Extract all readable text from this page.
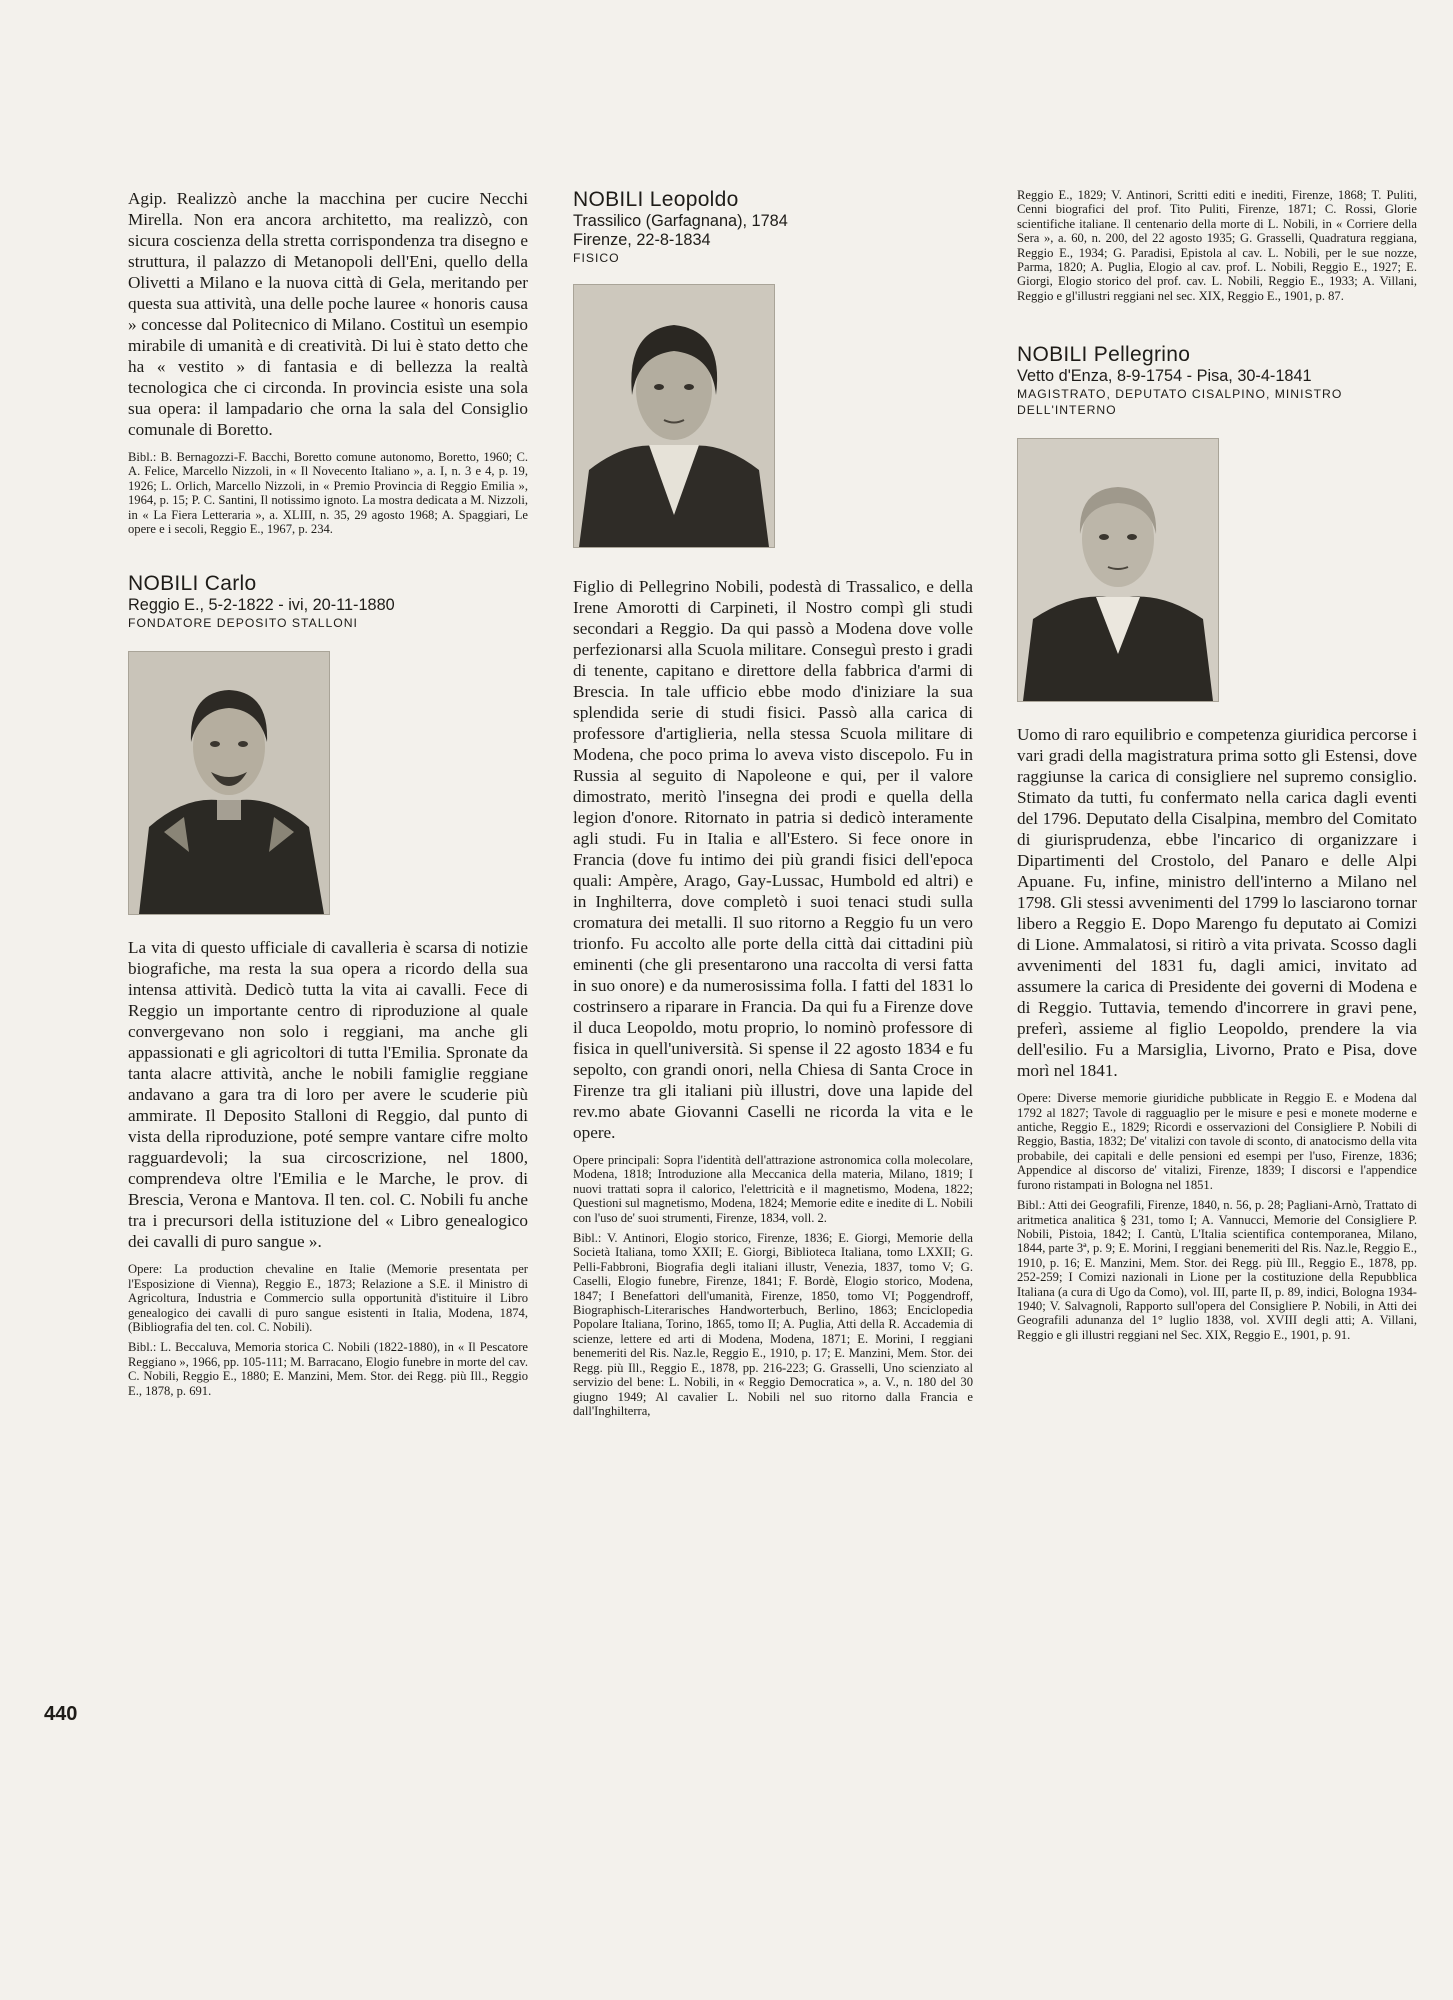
Agip. Realizzò anche la macchina per cucire Necchi Mirella. Non era ancora architetto, ma realizzò, con sicura coscienza della stretta corrispondenza tra disegno e struttura, il palazzo di Metanopoli dell'Eni, quello della Olivetti a Milano e la nuova città di Gela, meritando per questa sua attività, una delle poche lauree « honoris causa » concesse dal Politecnico di Milano. Costituì un esempio mirabile di umanità e di creatività. Di lui è stato detto che ha « vestito » di fantasia e di bellezza la realtà tecnologica che ci circonda. In provincia esiste una sola sua opera: il lampadario che orna la sala del Consiglio comunale di Boretto.

Bibl.: B. Bernagozzi-F. Bacchi, Boretto comune autonomo, Boretto, 1960; C. A. Felice, Marcello Nizzoli, in « Il Novecento Italiano », a. I, n. 3 e 4, p. 19, 1926; L. Orlich, Marcello Nizzoli, in « Premio Provincia di Reggio Emilia », 1964, p. 15; P. C. Santini, Il notissimo ignoto. La mostra dedicata a M. Nizzoli, in « La Fiera Letteraria », a. XLIII, n. 35, 29 agosto 1968; A. Spaggiari, Le opere e i secoli, Reggio E., 1967, p. 234.

NOBILI Carlo
Reggio E., 5-2-1822 - ivi, 20-11-1880
FONDATORE DEPOSITO STALLONI

La vita di questo ufficiale di cavalleria è scarsa di notizie biografiche, ma resta la sua opera a ricordo della sua intensa attività. Dedicò tutta la vita ai cavalli. Fece di Reggio un importante centro di riproduzione al quale convergevano non solo i reggiani, ma anche gli appassionati e gli agricoltori di tutta l'Emilia. Spronate da tanta alacre attività, anche le nobili famiglie reggiane andavano a gara tra di loro per avere le scuderie più ammirate. Il Deposito Stalloni di Reggio, dal punto di vista della riproduzione, poté sempre vantare cifre molto ragguardevoli; la sua circoscrizione, nel 1800, comprendeva oltre l'Emilia e le Marche, le prov. di Brescia, Verona e Mantova. Il ten. col. C. Nobili fu anche tra i precursori della istituzione del « Libro genealogico dei cavalli di puro sangue ».

Opere: La production chevaline en Italie (Memorie presentata per l'Esposizione di Vienna), Reggio E., 1873; Relazione a S.E. il Ministro di Agricoltura, Industria e Commercio sulla opportunità d'istituire il Libro genealogico dei cavalli di puro sangue esistenti in Italia, Modena, 1874, (Bibliografia del ten. col. C. Nobili).

Bibl.: L. Beccaluva, Memoria storica C. Nobili (1822-1880), in « Il Pescatore Reggiano », 1966, pp. 105-111; M. Barracano, Elogio funebre in morte del cav. C. Nobili, Reggio E., 1880; E. Manzini, Mem. Stor. dei Regg. più Ill., Reggio E., 1878, p. 691.

NOBILI Leopoldo
Trassilico (Garfagnana), 1784
Firenze, 22-8-1834
FISICO

Figlio di Pellegrino Nobili, podestà di Trassalico, e della Irene Amorotti di Carpineti, il Nostro compì gli studi secondari a Reggio. Da qui passò a Modena dove volle perfezionarsi alla Scuola militare. Conseguì presto i gradi di tenente, capitano e direttore della fabbrica d'armi di Brescia. In tale ufficio ebbe modo d'iniziare la sua splendida serie di studi fisici. Passò alla carica di professore d'artiglieria, nella stessa Scuola militare di Modena, che poco prima lo aveva visto discepolo. Fu in Russia al seguito di Napoleone e qui, per il valore dimostrato, meritò l'insegna dei prodi e quella della legion d'onore. Ritornato in patria si dedicò interamente agli studi. Fu in Italia e all'Estero. Si fece onore in Francia (dove fu intimo dei più grandi fisici dell'epoca quali: Ampère, Arago, Gay-Lussac, Humbold ed altri) e in Inghilterra, dove completò i suoi tenaci studi sulla cromatura dei metalli. Il suo ritorno a Reggio fu un vero trionfo. Fu accolto alle porte della città dai cittadini più eminenti (che gli presentarono una raccolta di versi fatta in suo onore) e da numerosissima folla. I fatti del 1831 lo costrinsero a riparare in Francia. Da qui fu a Firenze dove il duca Leopoldo, motu proprio, lo nominò professore di fisica in quell'università. Si spense il 22 agosto 1834 e fu sepolto, con grandi onori, nella Chiesa di Santa Croce in Firenze tra gli italiani più illustri, dove una lapide del rev.mo abate Giovanni Caselli ne ricorda la vita e le opere.

Opere principali: Sopra l'identità dell'attrazione astronomica colla molecolare, Modena, 1818; Introduzione alla Meccanica della materia, Milano, 1819; I nuovi trattati sopra il calorico, l'elettricità e il magnetismo, Modena, 1822; Questioni sul magnetismo, Modena, 1824; Memorie edite e inedite di L. Nobili con l'uso de' suoi strumenti, Firenze, 1834, voll. 2.

Bibl.: V. Antinori, Elogio storico, Firenze, 1836; E. Giorgi, Memorie della Società Italiana, tomo XXII; E. Giorgi, Biblioteca Italiana, tomo LXXII; G. Pelli-Fabbroni, Biografia degli italiani illustr, Venezia, 1837, tomo V; G. Caselli, Elogio funebre, Firenze, 1841; F. Bordè, Elogio storico, Modena, 1847; I Benefattori dell'umanità, Firenze, 1850, tomo VI; Poggendroff, Biographisch-Literarisches Handworterbuch, Berlino, 1863; Enciclopedia Popolare Italiana, Torino, 1865, tomo II; A. Puglia, Atti della R. Accademia di scienze, lettere ed arti di Modena, Modena, 1871; E. Morini, I reggiani benemeriti del Ris. Naz.le, Reggio E., 1910, p. 17; E. Manzini, Mem. Stor. dei Regg. più Ill., Reggio E., 1878, pp. 216-223; G. Grasselli, Uno scienziato al servizio del bene: L. Nobili, in « Reggio Democratica », a. V., n. 180 del 30 giugno 1949; Al cavalier L. Nobili nel suo ritorno dalla Francia e dall'Inghilterra,

Reggio E., 1829; V. Antinori, Scritti editi e inediti, Firenze, 1868; T. Puliti, Cenni biografici del prof. Tito Puliti, Firenze, 1871; C. Rossi, Glorie scientifiche italiane. Il centenario della morte di L. Nobili, in « Corriere della Sera », a. 60, n. 200, del 22 agosto 1935; G. Grasselli, Quadratura reggiana, Reggio E., 1934; G. Paradisi, Epistola al cav. L. Nobili, per le sue nozze, Parma, 1820; A. Puglia, Elogio al cav. prof. L. Nobili, Reggio E., 1927; E. Giorgi, Elogio storico del prof. cav. L. Nobili, Reggio E., 1933; A. Villani, Reggio e gl'illustri reggiani nel sec. XIX, Reggio E., 1901, p. 87.

NOBILI Pellegrino
Vetto d'Enza, 8-9-1754 - Pisa, 30-4-1841
MAGISTRATO, DEPUTATO CISALPINO, MINISTRO DELL'INTERNO

Uomo di raro equilibrio e competenza giuridica percorse i vari gradi della magistratura prima sotto gli Estensi, dove raggiunse la carica di consigliere nel supremo consiglio. Stimato da tutti, fu confermato nella carica dagli eventi del 1796. Deputato della Cisalpina, membro del Comitato di giurisprudenza, ebbe l'incarico di organizzare i Dipartimenti del Crostolo, del Panaro e delle Alpi Apuane. Fu, infine, ministro dell'interno a Milano nel 1798. Gli stessi avvenimenti del 1799 lo lasciarono tornar libero a Reggio E. Dopo Marengo fu deputato ai Comizi di Lione. Ammalatosi, si ritirò a vita privata. Scosso dagli avvenimenti del 1831 fu, dagli amici, invitato ad assumere la carica di Presidente dei governi di Modena e di Reggio. Tuttavia, temendo d'incorrere in gravi pene, preferì, assieme al figlio Leopoldo, prendere la via dell'esilio. Fu a Marsiglia, Livorno, Prato e Pisa, dove morì nel 1841.

Opere: Diverse memorie giuridiche pubblicate in Reggio E. e Modena dal 1792 al 1827; Tavole di ragguaglio per le misure e pesi e monete moderne e antiche, Reggio E., 1829; Ricordi e osservazioni del Consigliere P. Nobili di Reggio, Bastia, 1832; De' vitalizi con tavole di sconto, di anatocismo della vita probabile, dei capitali e delle pensioni ed esempi per l'uso, Firenze, 1836; Appendice al discorso de' vitalizi, Firenze, 1839; I discorsi e l'appendice furono ristampati in Bologna nel 1851.

Bibl.: Atti dei Geografili, Firenze, 1840, n. 56, p. 28; Pagliani-Arnò, Trattato di aritmetica analitica § 231, tomo I; A. Vannucci, Memorie del Consigliere P. Nobili, Pistoia, 1842; I. Cantù, L'Italia scientifica contemporanea, Milano, 1844, parte 3ª, p. 9; E. Morini, I reggiani benemeriti del Ris. Naz.le, Reggio E., 1910, p. 16; E. Manzini, Mem. Stor. dei Regg. più Ill., Reggio E., 1878, pp. 252-259; I Comizi nazionali in Lione per la costituzione della Repubblica Italiana (a cura di Ugo da Como), vol. III, parte II, p. 89, indici, Bologna 1934-1940; V. Salvagnoli, Rapporto sull'opera del Consigliere P. Nobili, in Atti dei Geografili adunanza del 1° luglio 1838, vol. XVIII degli atti; A. Villani, Reggio e gli illustri reggiani nel Sec. XIX, Reggio E., 1901, p. 91.

440
